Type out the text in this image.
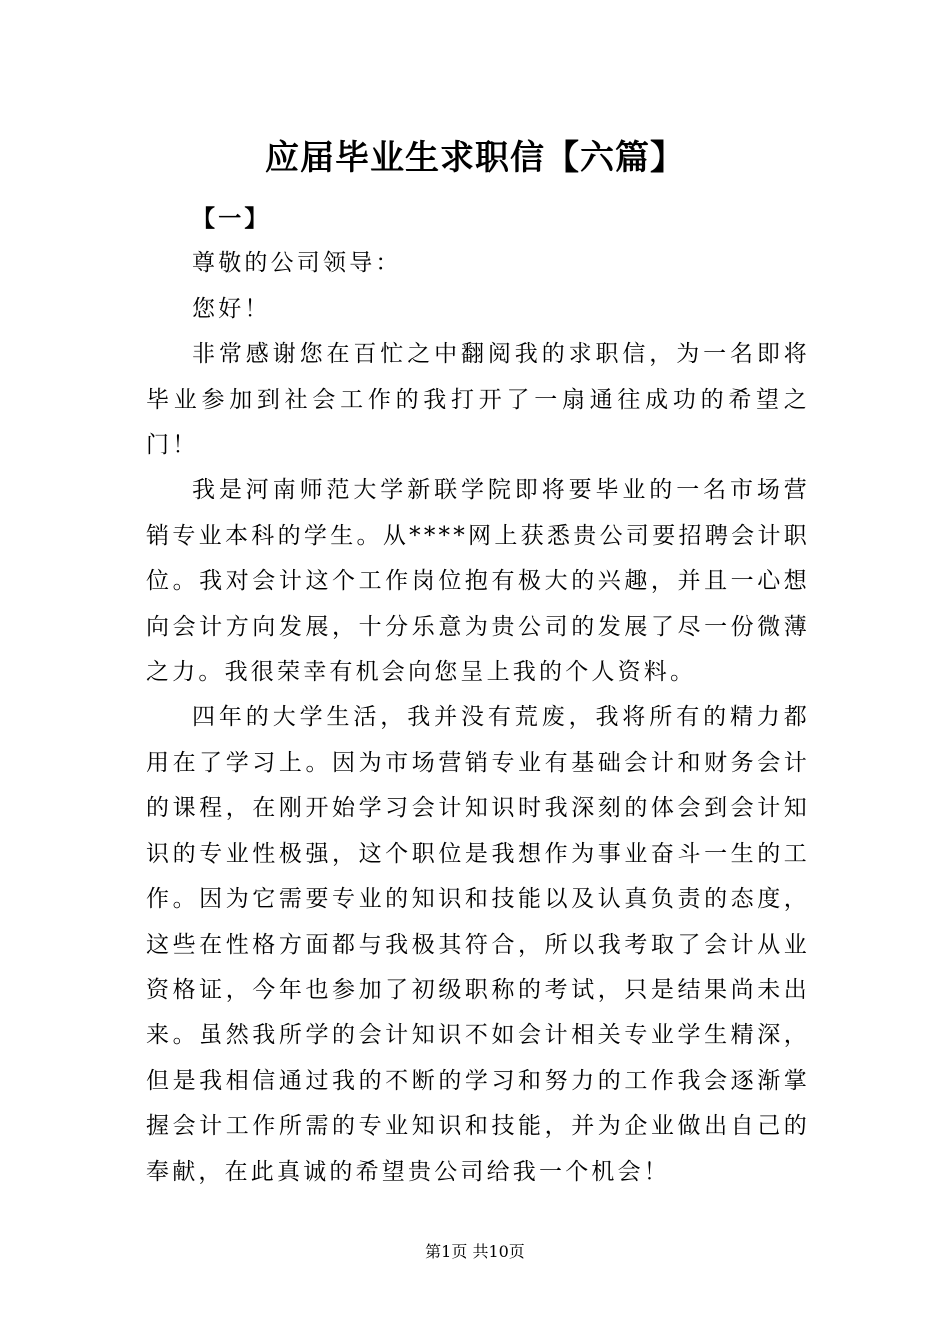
应届毕业生求职信【六篇】

【一】

尊敬的公司领导：

您好！

非常感谢您在百忙之中翻阅我的求职信，为一名即将毕业参加到社会工作的我打开了一扇通往成功的希望之门！

我是河南师范大学新联学院即将要毕业的一名市场营销专业本科的学生。从****网上获悉贵公司要招聘会计职位。我对会计这个工作岗位抱有极大的兴趣，并且一心想向会计方向发展，十分乐意为贵公司的发展了尽一份微薄之力。我很荣幸有机会向您呈上我的个人资料。

四年的大学生活，我并没有荒废，我将所有的精力都用在了学习上。因为市场营销专业有基础会计和财务会计的课程，在刚开始学习会计知识时我深刻的体会到会计知识的专业性极强，这个职位是我想作为事业奋斗一生的工作。因为它需要专业的知识和技能以及认真负责的态度，这些在性格方面都与我极其符合，所以我考取了会计从业资格证，今年也参加了初级职称的考试，只是结果尚未出来。虽然我所学的会计知识不如会计相关专业学生精深，但是我相信通过我的不断的学习和努力的工作我会逐渐掌握会计工作所需的专业知识和技能，并为企业做出自己的奉献，在此真诚的希望贵公司给我一个机会！

第1页 共10页
